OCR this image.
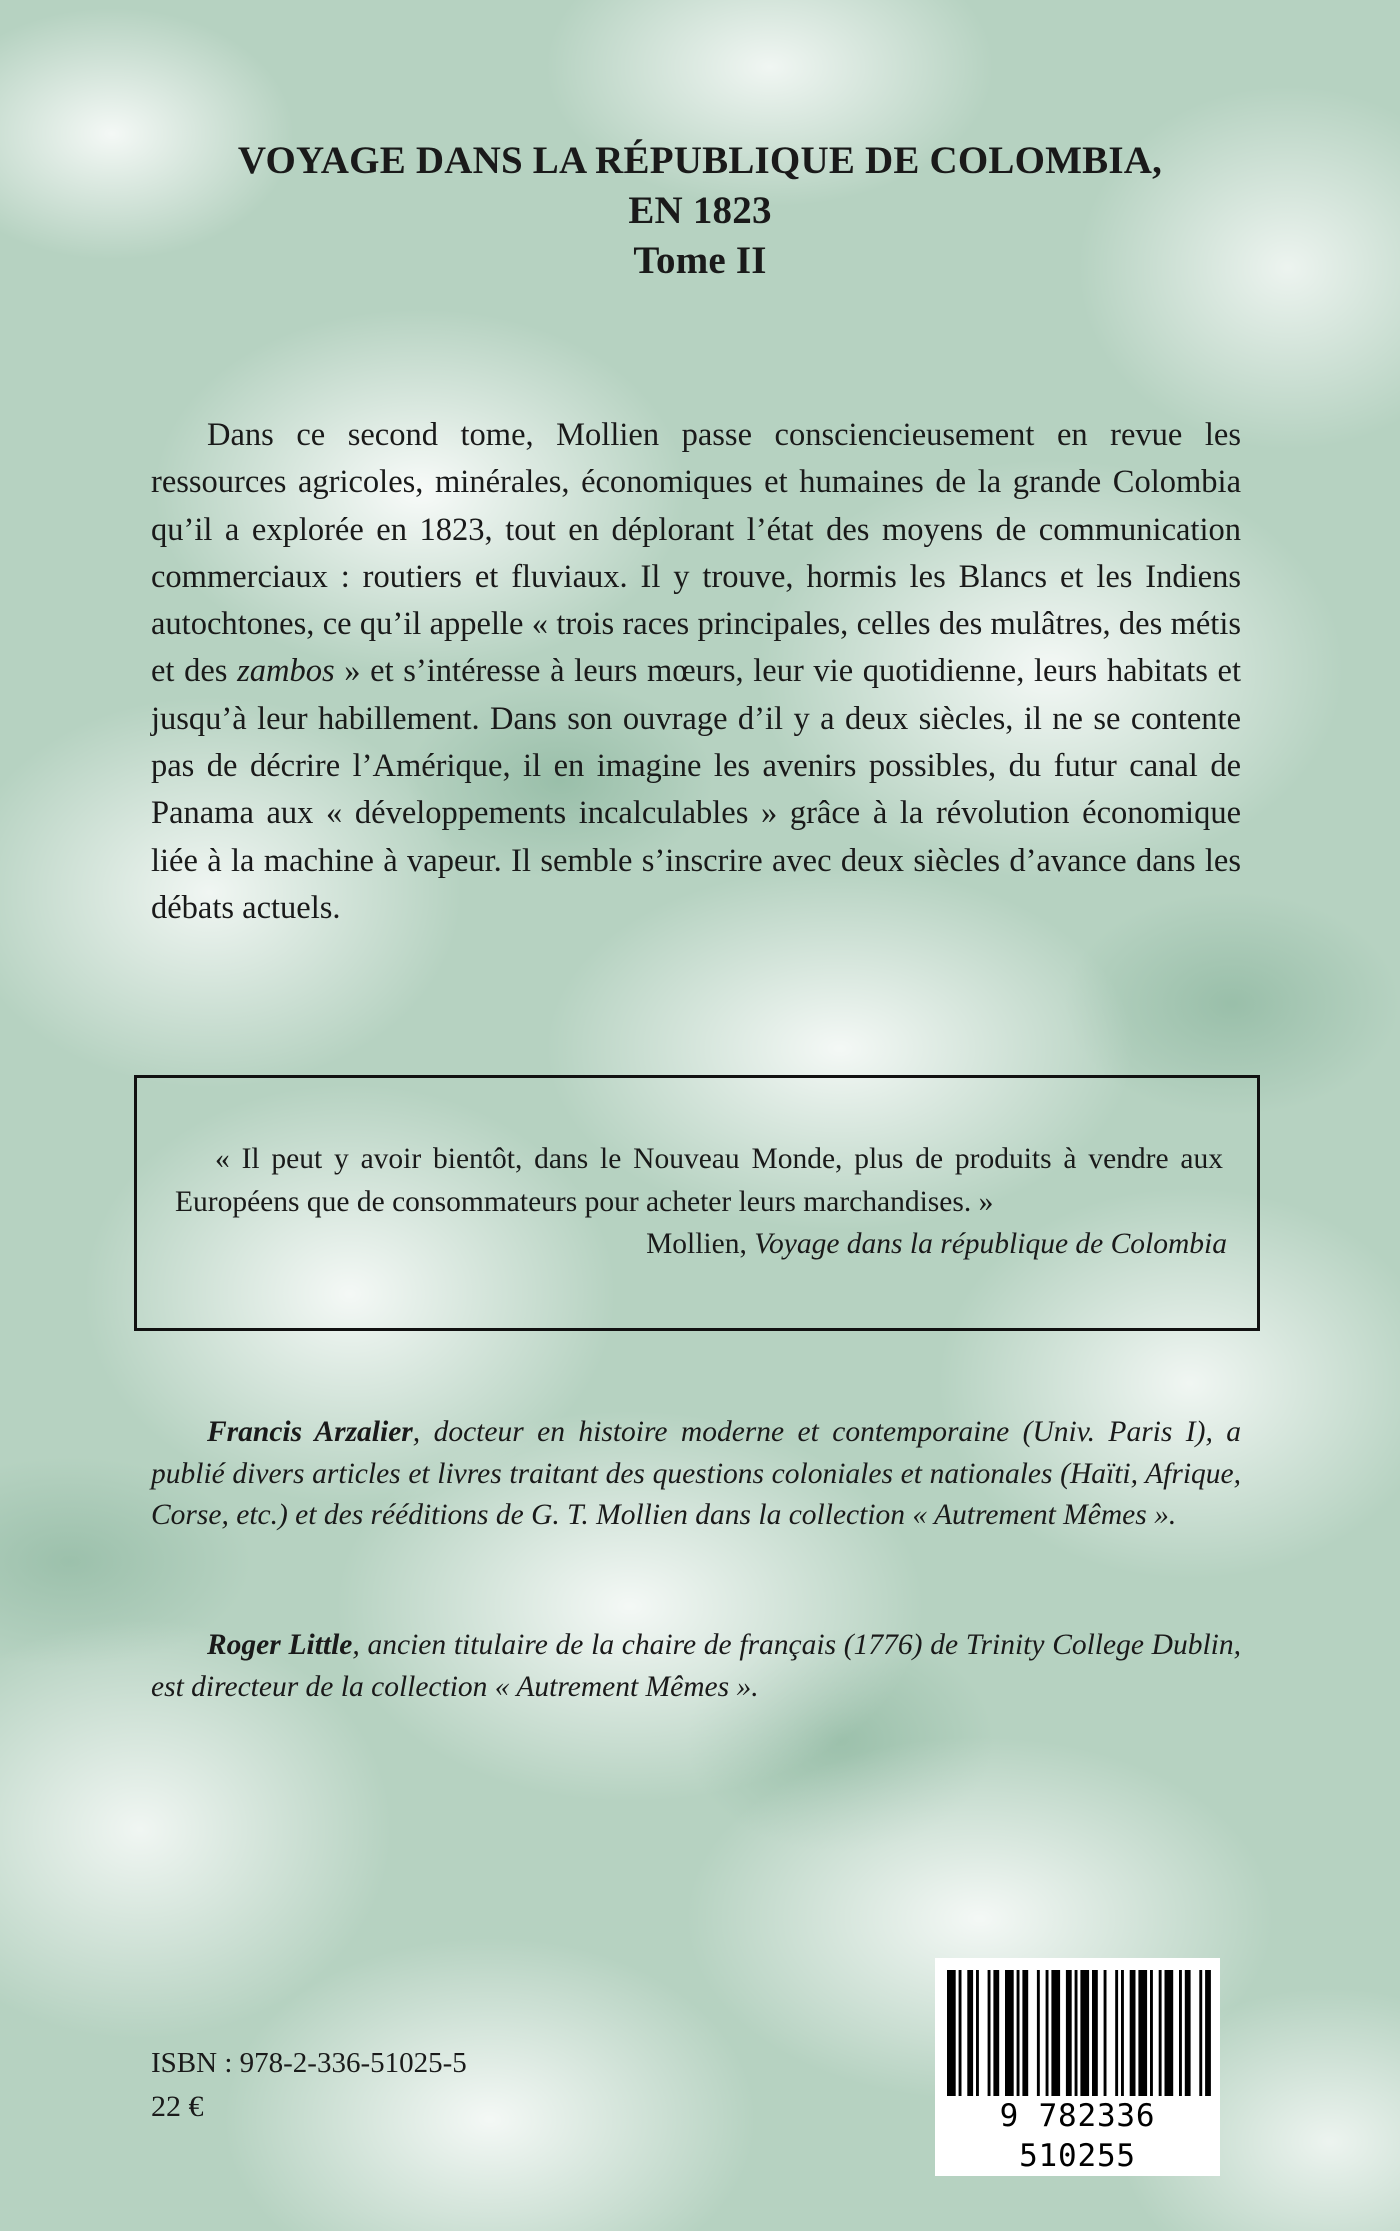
VOYAGE DANS LA RÉPUBLIQUE DE COLOMBIA,
EN 1823
Tome II

Dans ce second tome, Mollien passe consciencieusement en revue les ressources agricoles, minérales, économiques et humaines de la grande Colombia qu’il a explorée en 1823, tout en déplorant l’état des moyens de communication commerciaux : routiers et fluviaux. Il y trouve, hormis les Blancs et les Indiens autochtones, ce qu’il appelle « trois races principales, celles des mulâtres, des métis et des zambos » et s’intéresse à leurs mœurs, leur vie quotidienne, leurs habitats et jusqu’à leur habillement. Dans son ouvrage d’il y a deux siècles, il ne se contente pas de décrire l’Amérique, il en imagine les avenirs possibles, du futur canal de Panama aux « développements incalculables » grâce à la révolution économique liée à la machine à vapeur. Il semble s’inscrire avec deux siècles d’avance dans les débats actuels.

« Il peut y avoir bientôt, dans le Nouveau Monde, plus de produits à vendre aux Européens que de consommateurs pour acheter leurs marchandises. »

Mollien, Voyage dans la république de Colombia

Francis Arzalier, docteur en histoire moderne et contemporaine (Univ. Paris I), a publié divers articles et livres traitant des questions coloniales et nationales (Haïti, Afrique, Corse, etc.) et des rééditions de G. T. Mollien dans la collection « Autrement Mêmes ».

Roger Little, ancien titulaire de la chaire de français (1776) de Trinity College Dublin, est directeur de la collection « Autrement Mêmes ».

ISBN : 978-2-336-51025-5
22 €	9 782336 510255
